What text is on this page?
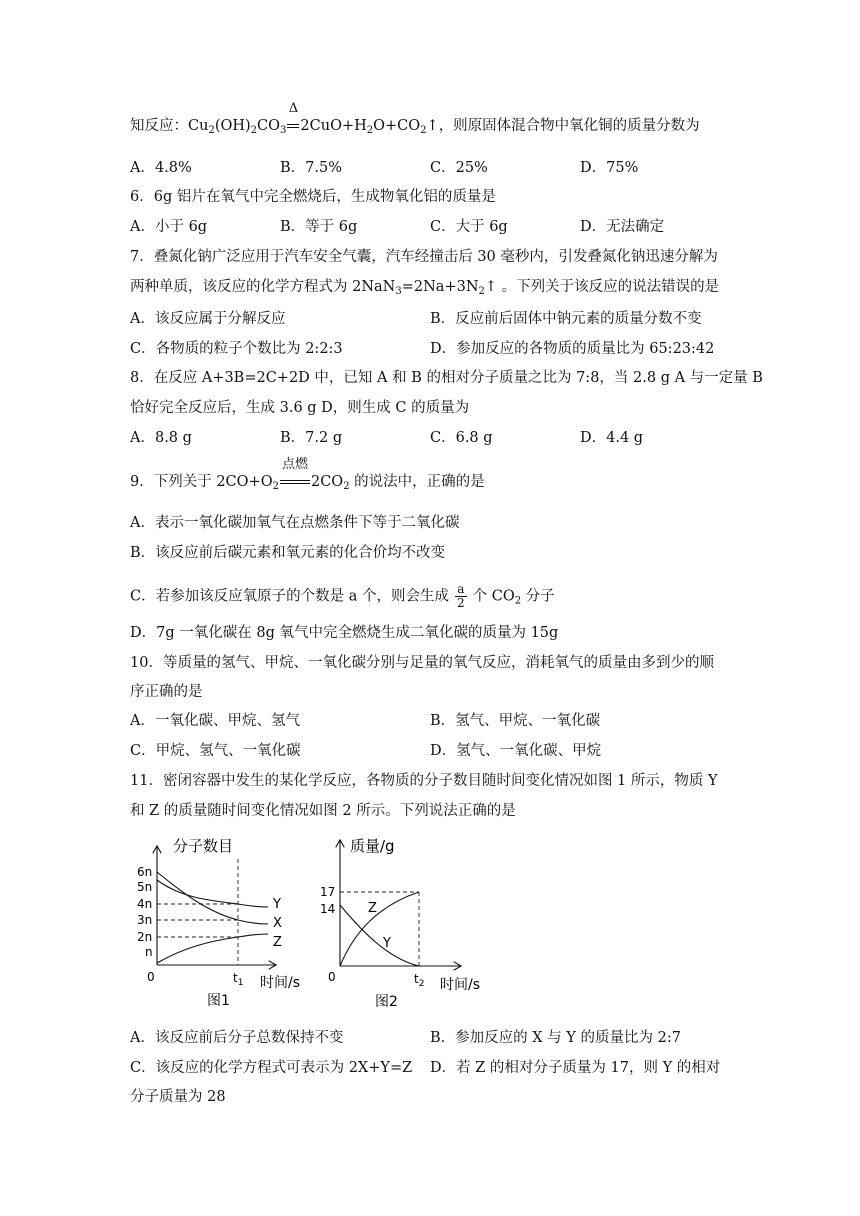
知反应：$Cu_2(OH)_2CO_3$
Δ
$2CuO+H_2O+CO_2↑$，则原固体混合物中氧化铜的质量分数为
A．4.8%	B．7.5%	C．25%	D．75%
6．6g 铝片在氧气中完全燃烧后，生成物氧化铝的质量是
A．小于 6g	B．等于 6g	C．大于 6g	D．无法确定
7．叠氮化钠广泛应用于汽车安全气囊，汽车经撞击后 30 毫秒内，引发叠氮化钠迅速分解为
两种单质，该反应的化学方程式为 $2NaN_3=2Na+3N_2↑$ 。下列关于该反应的说法错误的是
A．该反应属于分解反应	B．反应前后固体中钠元素的质量分数不变
C．各物质的粒子个数比为 2:2:3	D．参加反应的各物质的质量比为 65:23:42
8．在反应 A+3B=2C+2D 中，已知 A 和 B 的相对分子质量之比为 7:8，当 2.8 g A 与一定量 B
恰好完全反应后，生成 3.6 g D，则生成 C 的质量为
A．8.8 g	B．7.2 g	C．6.8 g	D．4.4 g
9．下列关于 $2CO+O_2$
点燃
$2CO_2$ 的说法中，正确的是
A．表示一氧化碳加氧气在点燃条件下等于二氧化碳
B．该反应前后碳元素和氧元素的化合价均不改变
C．若参加该反应氧原子的个数是 a 个，则会生成 $\frac{a}{2}$ 个 $CO_2$ 分子
D．7g 一氧化碳在 8g 氧气中完全燃烧生成二氧化碳的质量为 15g
10．等质量的氢气、甲烷、一氧化碳分别与足量的氧气反应，消耗氧气的质量由多到少的顺
序正确的是
A．一氧化碳、甲烷、氢气	B．氢气、甲烷、一氧化碳
C．甲烷、氢气、一氧化碳	D．氢气、一氧化碳、甲烷
11．密闭容器中发生的某化学反应，各物质的分子数目随时间变化情况如图 1 所示，物质 Y
和 Z 的质量随时间变化情况如图 2 所示。下列说法正确的是
分子数目
6n
5n
4n
3n
2n
n
0	$t_1$ 时间/s
图1
Y
X
Z
质量/g
17
14
0	$t_2$ 时间/s
图2
Z
Y
A．该反应前后分子总数保持不变	B．参加反应的 X 与 Y 的质量比为 2:7
C．该反应的化学方程式可表示为 2X+Y=Z D．若 Z 的相对分子质量为 17，则 Y 的相对
分子质量为 28
